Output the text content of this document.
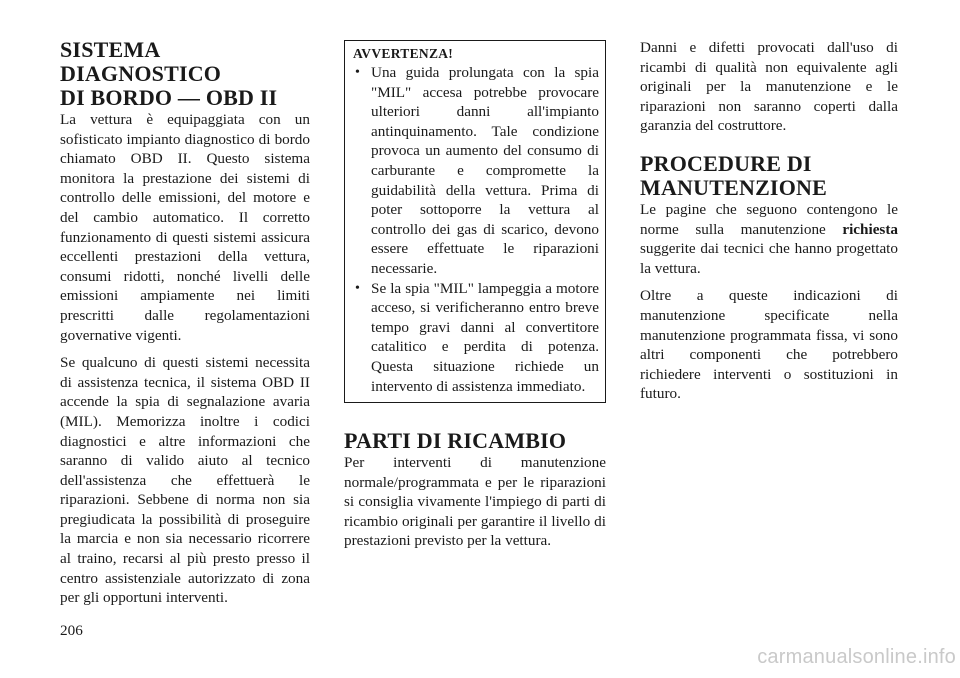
SISTEMA DIAGNOSTICO
DI BORDO — OBD II

La vettura è equipaggiata con un sofisticato impianto diagnostico di bordo chiamato OBD II. Questo sistema monitora la prestazione dei sistemi di controllo delle emissioni, del motore e del cambio automatico. Il corretto funzionamento di questi sistemi assicura eccellenti prestazioni della vettura, consumi ridotti, nonché livelli delle emissioni ampiamente nei limiti prescritti dalle regolamentazioni governative vigenti.

Se qualcuno di questi sistemi necessita di assistenza tecnica, il sistema OBD II accende la spia di segnalazione avaria (MIL). Memorizza inoltre i codici diagnostici e altre informazioni che saranno di valido aiuto al tecnico dell'assistenza che effettuerà le riparazioni. Sebbene di norma non sia pregiudicata la possibilità di proseguire la marcia e non sia necessario ricorrere al traino, recarsi al più presto presso il centro assistenziale autorizzato di zona per gli opportuni interventi.

AVVERTENZA!
• Una guida prolungata con la spia "MIL" accesa potrebbe provocare ulteriori danni all'impianto antinquinamento. Tale condizione provoca un aumento del consumo di carburante e compromette la guidabilità della vettura. Prima di poter sottoporre la vettura al controllo dei gas di scarico, devono essere effettuate le riparazioni necessarie.
• Se la spia "MIL" lampeggia a motore acceso, si verificheranno entro breve tempo gravi danni al convertitore catalitico e perdita di potenza. Questa situazione richiede un intervento di assistenza immediato.
PARTI DI RICAMBIO

Per interventi di manutenzione normale/programmata e per le riparazioni si consiglia vivamente l'impiego di parti di ricambio originali per garantire il livello di prestazioni previsto per la vettura.

Danni e difetti provocati dall'uso di ricambi di qualità non equivalente agli originali per la manutenzione e le riparazioni non saranno coperti dalla garanzia del costruttore.

PROCEDURE DI
MANUTENZIONE

Le pagine che seguono contengono le norme sulla manutenzione richiesta suggerite dai tecnici che hanno progettato la vettura.

Oltre a queste indicazioni di manutenzione specificate nella manutenzione programmata fissa, vi sono altri componenti che potrebbero richiedere interventi o sostituzioni in futuro.

206
carmanualsonline.info
